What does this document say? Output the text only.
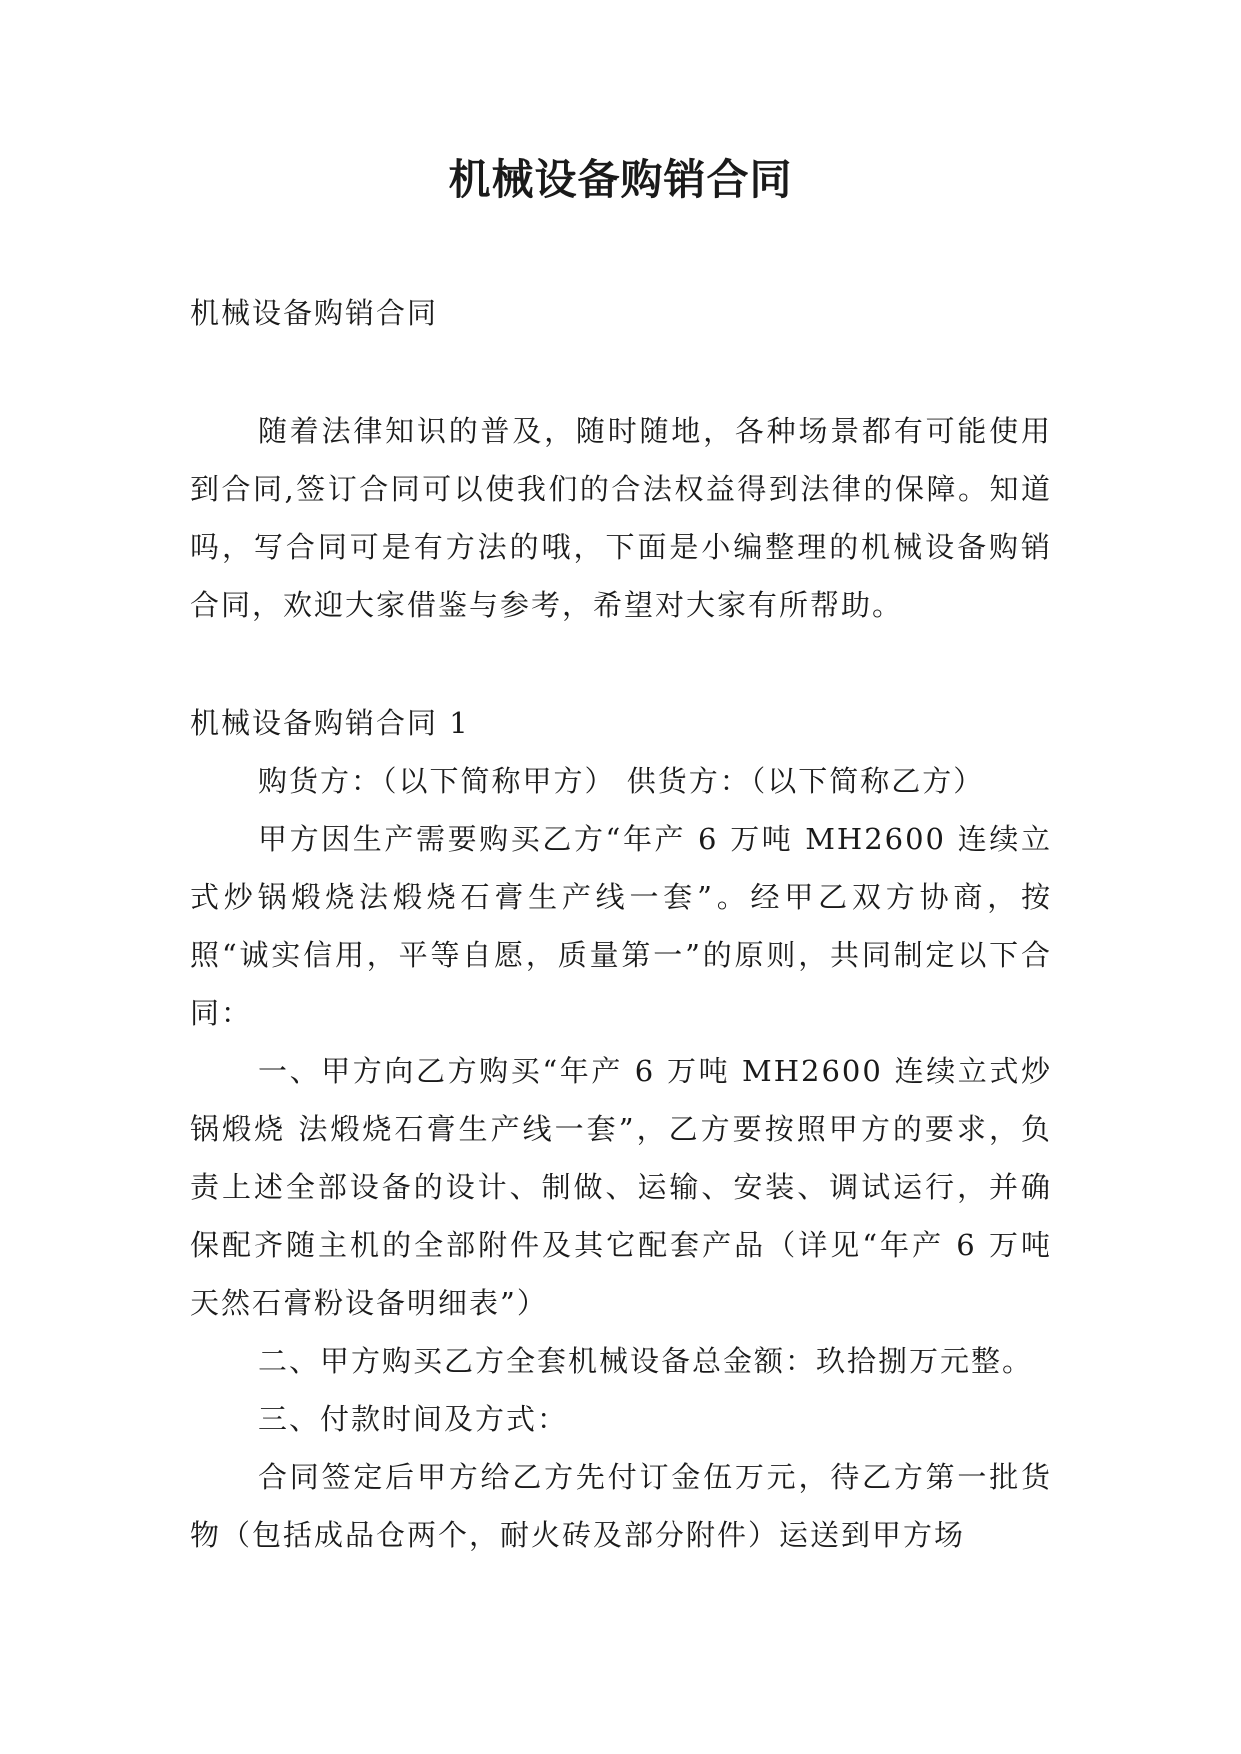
机械设备购销合同
机械设备购销合同
随着法律知识的普及，随时随地，各种场景都有可能使用到合同,签订合同可以使我们的合法权益得到法律的保障。知道吗，写合同可是有方法的哦，下面是小编整理的机械设备购销合同，欢迎大家借鉴与参考，希望对大家有所帮助。

机械设备购销合同 1

购货方：（以下简称甲方） 供货方：（以下简称乙方）

甲方因生产需要购买乙方“年产 6 万吨 MH2600 连续立式炒锅煅烧法煅烧石膏生产线一套”。经甲乙双方协商，按照“诚实信用，平等自愿，质量第一”的原则，共同制定以下合同：

一、甲方向乙方购买“年产 6 万吨 MH2600 连续立式炒锅煅烧 法煅烧石膏生产线一套”，乙方要按照甲方的要求，负责上述全部设备的设计、制做、运输、安装、调试运行，并确保配齐随主机的全部附件及其它配套产品（详见“年产 6 万吨天然石膏粉设备明细表”）

二、甲方购买乙方全套机械设备总金额：玖拾捌万元整。

三、付款时间及方式：

合同签定后甲方给乙方先付订金伍万元，待乙方第一批货物（包括成品仓两个，耐火砖及部分附件）运送到甲方场
